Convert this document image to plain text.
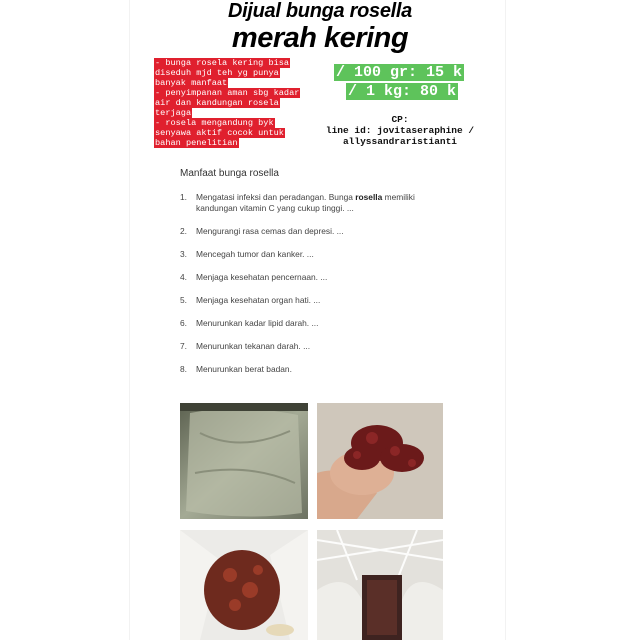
Dijual bunga rosella
merah kering
- bunga rosela kering bisa
diseduh mjd teh yg punya
banyak manfaat
- penyimpanan aman sbg kadar
air dan kandungan rosela
terjaga
- rosela mengandung byk
senyawa aktif cocok untuk
bahan penelitian
/ 100 gr: 15 k
/ 1 kg: 80 k
CP:
line id: jovitaseraphine /
allyssandraristianti
Manfaat bunga rosella
1. Mengatasi infeksi dan peradangan. Bunga rosella memiliki kandungan vitamin C yang cukup tinggi. ...
2. Mengurangi rasa cemas dan depresi. ...
3. Mencegah tumor dan kanker. ...
4. Menjaga kesehatan pencernaan. ...
5. Menjaga kesehatan organ hati. ...
6. Menurunkan kadar lipid darah. ...
7. Menurunkan tekanan darah. ...
8. Menurunkan berat badan.
